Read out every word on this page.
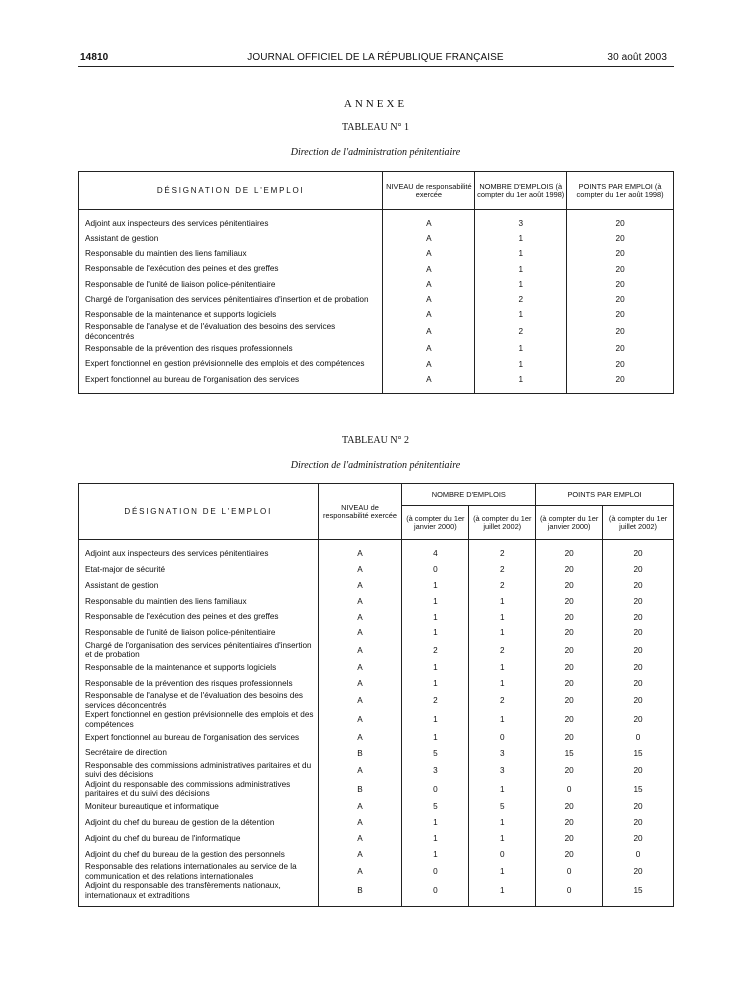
14810	JOURNAL OFFICIEL DE LA RÉPUBLIQUE FRANÇAISE	30 août 2003
ANNEXE
TABLEAU N° 1
Direction de l'administration pénitentiaire
DÉSIGNATION DE L'EMPLOI	NIVEAU de responsabilité exercée	NOMBRE D'EMPLOIS (à compter du 1er août 1998)	POINTS PAR EMPLOI (à compter du 1er août 1998)

Adjoint aux inspecteurs des services pénitentiaires	A	3	20
Assistant de gestion	A	1	20
Responsable du maintien des liens familiaux	A	1	20
Responsable de l'exécution des peines et des greffes	A	1	20
Responsable de l'unité de liaison police-pénitentiaire	A	1	20
Chargé de l'organisation des services pénitentiaires d'insertion et de probation	A	2	20
Responsable de la maintenance et supports logiciels	A	1	20
Responsable de l'analyse et de l'évaluation des besoins des services déconcentrés	A	2	20
Responsable de la prévention des risques professionnels	A	1	20
Expert fonctionnel en gestion prévisionnelle des emplois et des compétences	A	1	20
Expert fonctionnel au bureau de l'organisation des services	A	1	20

TABLEAU N° 2
Direction de l'administration pénitentiaire
DÉSIGNATION DE L'EMPLOI	NIVEAU de responsabilité exercée	NOMBRE D'EMPLOIS		POINTS PAR EMPLOI	
		(à compter du 1er janvier 2000)	(à compter du 1er juillet 2002)	(à compter du 1er janvier 2000)	(à compter du 1er juillet 2002)

Adjoint aux inspecteurs des services pénitentiaires	A	4	2	20	20
Etat-major de sécurité	A	0	2	20	20
Assistant de gestion	A	1	2	20	20
Responsable du maintien des liens familiaux	A	1	1	20	20
Responsable de l'exécution des peines et des greffes	A	1	1	20	20
Responsable de l'unité de liaison police-pénitentiaire	A	1	1	20	20
Chargé de l'organisation des services pénitentiaires d'insertion et de probation	A	2	2	20	20
Responsable de la maintenance et supports logiciels	A	1	1	20	20
Responsable de la prévention des risques professionnels	A	1	1	20	20
Responsable de l'analyse et de l'évaluation des besoins des services déconcentrés	A	2	2	20	20
Expert fonctionnel en gestion prévisionnelle des emplois et des compétences	A	1	1	20	20
Expert fonctionnel au bureau de l'organisation des services	A	1	0	20	0
Secrétaire de direction	B	5	3	15	15
Responsable des commissions administratives paritaires et du suivi des décisions	A	3	3	20	20
Adjoint du responsable des commissions administratives paritaires et du suivi des décisions	B	0	1	0	15
Moniteur bureautique et informatique	A	5	5	20	20
Adjoint du chef du bureau de gestion de la détention	A	1	1	20	20
Adjoint du chef du bureau de l'informatique	A	1	1	20	20
Adjoint du chef du bureau de la gestion des personnels	A	1	0	20	0
Responsable des relations internationales au service de la communication et des relations internationales	A	0	1	0	20
Adjoint du responsable des transfèrements nationaux, internationaux et extraditions	B	0	1	0	15
